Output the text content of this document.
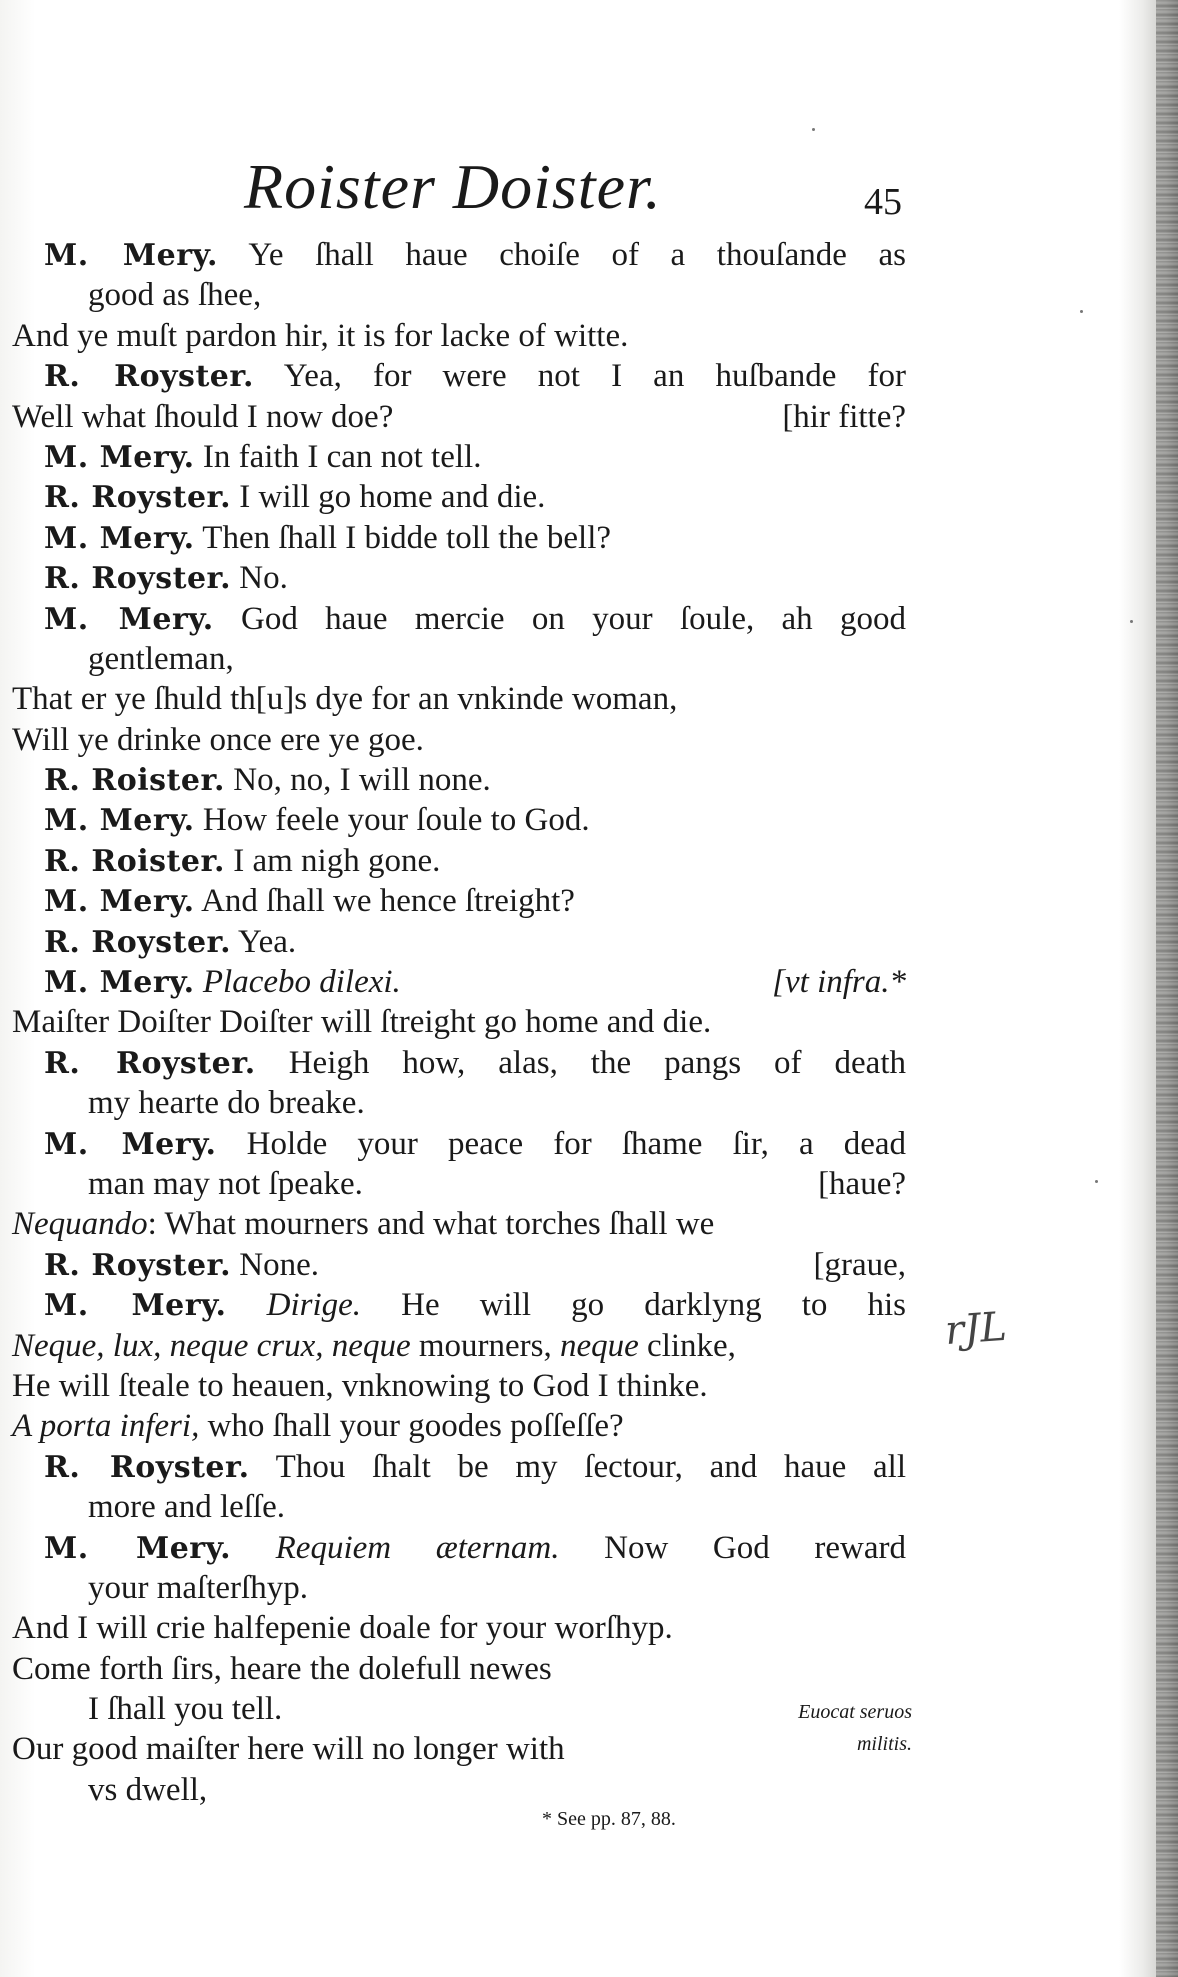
Roister Doister.	45
M. Mery. Ye ſhall haue choiſe of a thouſande as
good as ſhee,
And ye muſt pardon hir, it is for lacke of witte.
R. Royster. Yea, for were not I an huſbande for
Well what ſhould I now doe?	[hir fitte?
M. Mery. In faith I can not tell.
R. Royster. I will go home and die.
M. Mery. Then ſhall I bidde toll the bell?
R. Royster. No.
M. Mery. God haue mercie on your ſoule, ah good
gentleman,
That er ye ſhuld th[u]s dye for an vnkinde woman,
Will ye drinke once ere ye goe.
R. Roister. No, no, I will none.
M. Mery. How feele your ſoule to God.
R. Roister. I am nigh gone.
M. Mery. And ſhall we hence ſtreight?
R. Royster. Yea.
M. Mery. Placebo dilexi.	[vt infra.*
Maiſter Doiſter Doiſter will ſtreight go home and die.
R. Royster. Heigh how, alas, the pangs of death
my hearte do breake.
M. Mery. Holde your peace for ſhame ſir, a dead
man may not ſpeake.	[haue?
Nequando: What mourners and what torches ſhall we
R. Royster. None.	[graue,
M. Mery. Dirige. He will go darklyng to his
Neque, lux, neque crux, neque mourners, neque clinke,
He will ſteale to heauen, vnknowing to God I thinke.
A porta inferi, who ſhall your goodes poſſeſſe?
R. Royster. Thou ſhalt be my ſectour, and haue all
more and leſſe.
M. Mery. Requiem æternam. Now God reward
your maſterſhyp.
And I will crie halfepenie doale for your worſhyp.
Come forth ſirs, heare the dolefull newes
I ſhall you tell.
Our good maiſter here will no longer with
vs dwell,
Euocat seruos
militis.
rJL
* See pp. 87, 88.
